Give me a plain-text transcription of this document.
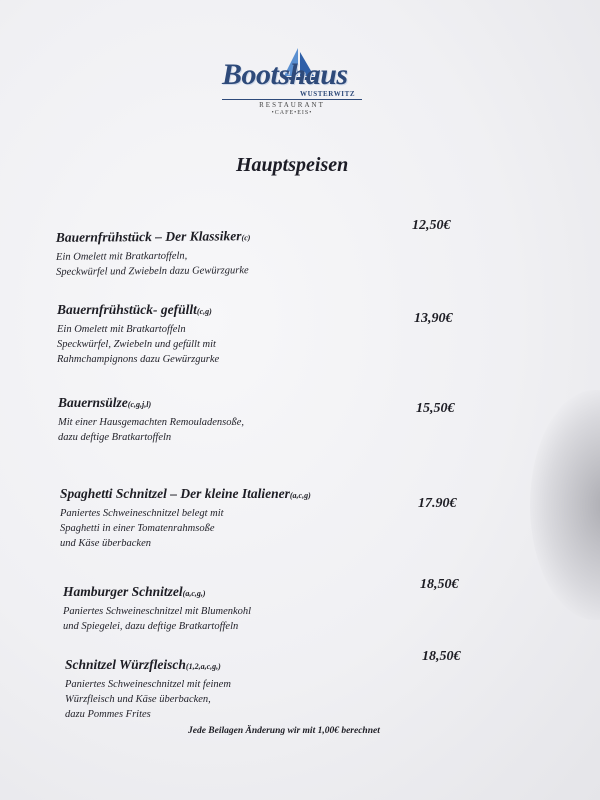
Bootshaus
WUSTERWITZ
RESTAURANT
•CAFE•EIS•
Hauptspeisen
Bauernfrühstück – Der Klassiker(c)
Ein Omelett mit Bratkartoffeln,
Speckwürfel und Zwiebeln dazu Gewürzgurke
12,50€
Bauernfrühstück- gefüllt(c,g)
Ein Omelett mit Bratkartoffeln
Speckwürfel, Zwiebeln und gefüllt mit
Rahmchampignons dazu Gewürzgurke
13,90€
Bauernsülze(c,g,j,l)
Mit einer Hausgemachten Remouladensoße,
dazu deftige Bratkartoffeln
15,50€
Spaghetti Schnitzel – Der kleine Italiener(a,c,g)
Paniertes Schweineschnitzel belegt mit
Spaghetti in einer Tomatenrahmsoße
und Käse überbacken
17.90€
Hamburger Schnitzel(a,c,g,)
Paniertes Schweineschnitzel mit Blumenkohl
und Spiegelei, dazu deftige Bratkartoffeln
18,50€
Schnitzel Würzfleisch(1,2,a,c,g,)
Paniertes Schweineschnitzel mit feinem
Würzfleisch und Käse überbacken,
dazu Pommes Frites
18,50€
Jede Beilagen Änderung wir mit 1,00€ berechnet
